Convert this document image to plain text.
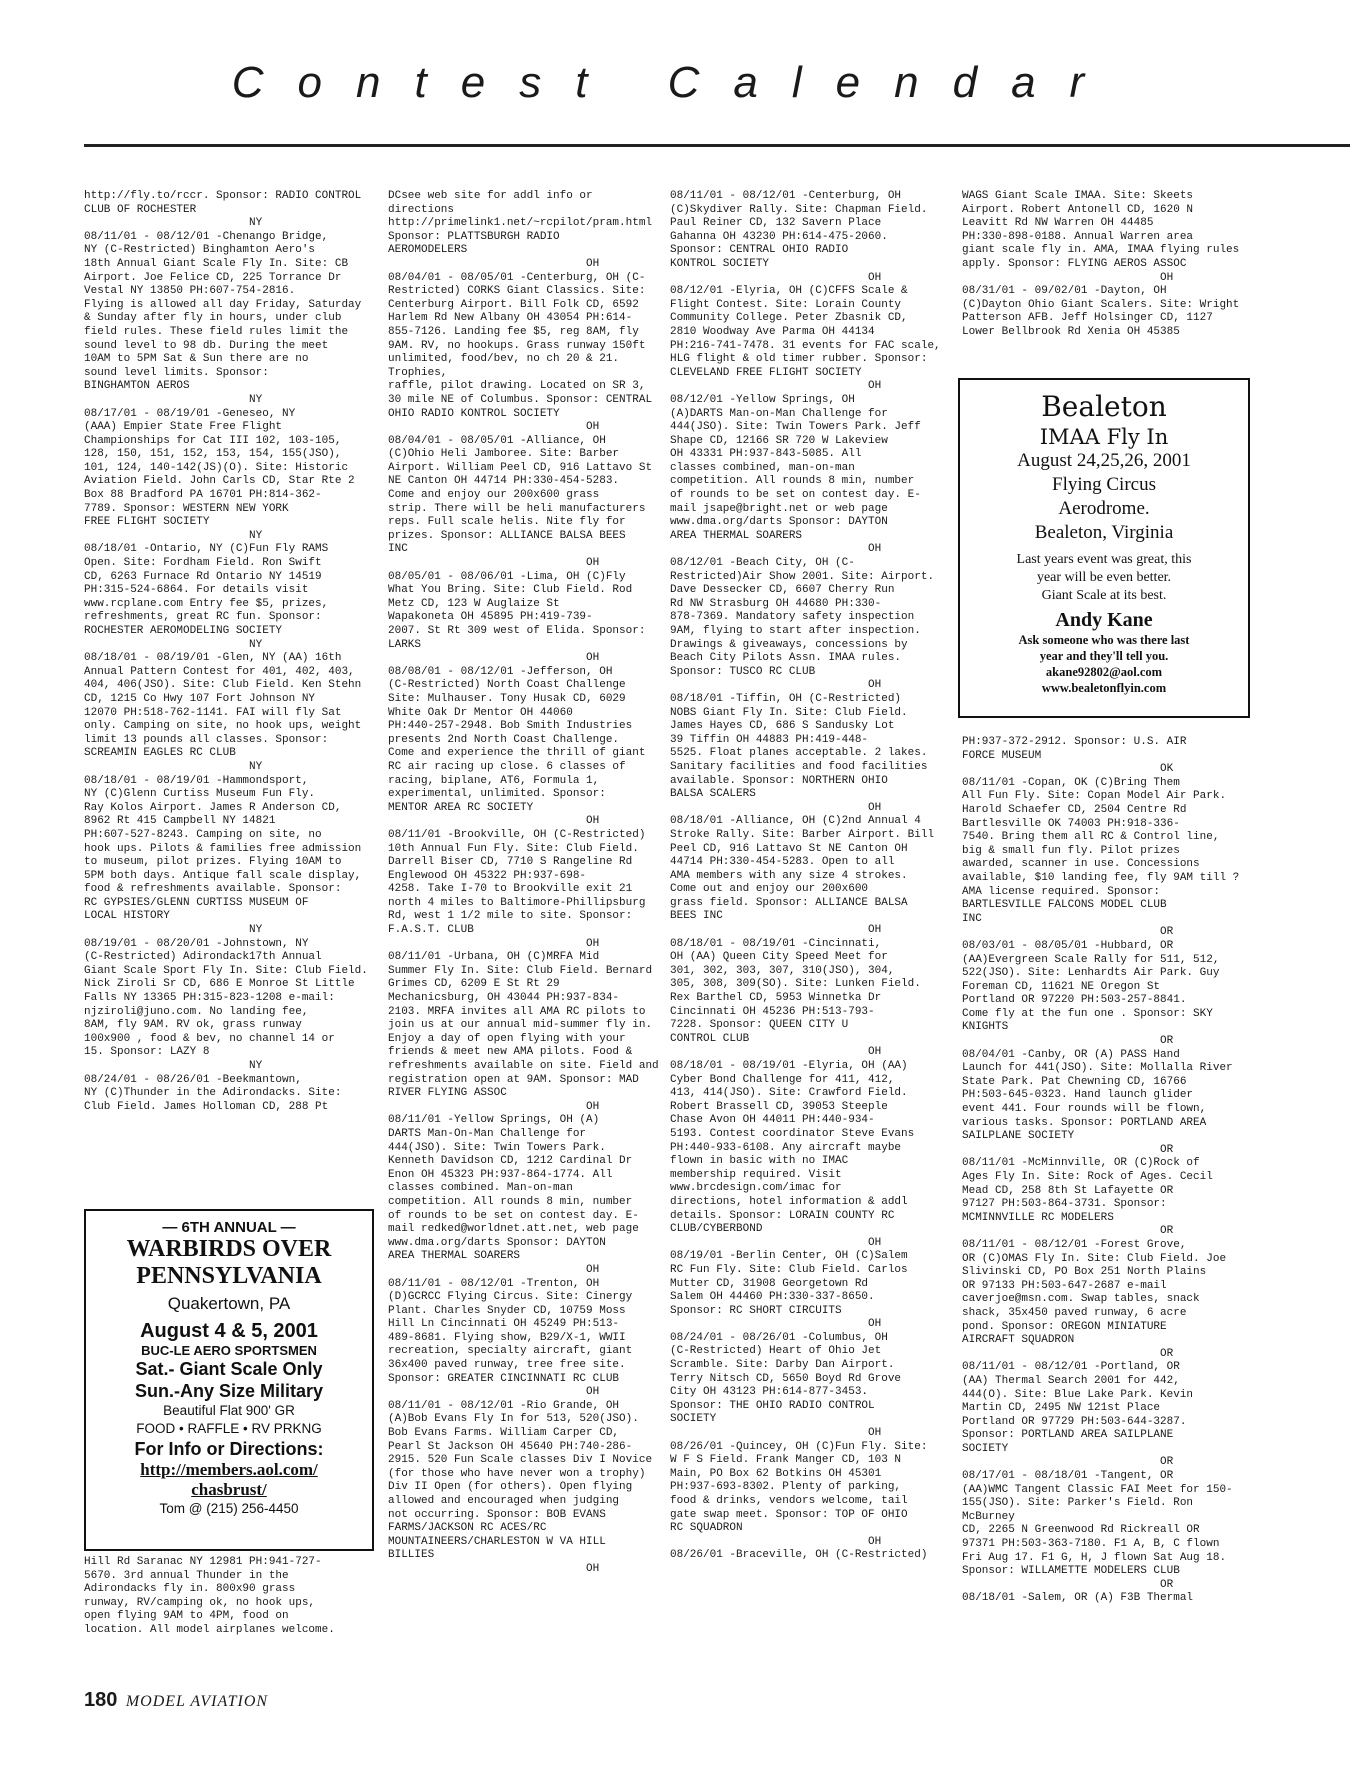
Contest Calendar
http://fly.to/rccr. Sponsor: RADIO CONTROL
CLUB OF ROCHESTER
NY
08/11/01 - 08/12/01 -Chenango Bridge,
NY (C-Restricted) Binghamton Aero's
18th Annual Giant Scale Fly In. Site: CB
Airport. Joe Felice CD, 225 Torrance Dr
Vestal NY 13850 PH:607-754-2816.
Flying is allowed all day Friday, Saturday
& Sunday after fly in hours, under club
field rules. These field rules limit the
sound level to 98 db. During the meet
10AM to 5PM Sat & Sun there are no
sound level limits. Sponsor:
BINGHAMTON AEROS
NY
08/17/01 - 08/19/01 -Geneseo, NY
(AAA) Empier State Free Flight
Championships for Cat III 102, 103-105,
128, 150, 151, 152, 153, 154, 155(JSO),
101, 124, 140-142(JS)(O). Site: Historic
Aviation Field. John Carls CD, Star Rte 2
Box 88 Bradford PA 16701 PH:814-362-
7789. Sponsor: WESTERN NEW YORK
FREE FLIGHT SOCIETY
NY
08/18/01 -Ontario, NY (C)Fun Fly RAMS
Open. Site: Fordham Field. Ron Swift
CD, 6263 Furnace Rd Ontario NY 14519
PH:315-524-6864. For details visit
www.rcplane.com Entry fee $5, prizes,
refreshments, great RC fun. Sponsor:
ROCHESTER AEROMODELING SOCIETY
NY
08/18/01 - 08/19/01 -Glen, NY (AA) 16th
Annual Pattern Contest for 401, 402, 403,
404, 406(JSO). Site: Club Field. Ken Stehn
CD, 1215 Co Hwy 107 Fort Johnson NY
12070 PH:518-762-1141. FAI will fly Sat
only. Camping on site, no hook ups, weight
limit 13 pounds all classes. Sponsor:
SCREAMIN EAGLES RC CLUB
NY
08/18/01 - 08/19/01 -Hammondsport,
NY (C)Glenn Curtiss Museum Fun Fly.
Ray Kolos Airport. James R Anderson CD,
8962 Rt 415 Campbell NY 14821
PH:607-527-8243. Camping on site, no
hook ups. Pilots & families free admission
to museum, pilot prizes. Flying 10AM to
5PM both days. Antique fall scale display,
food & refreshments available. Sponsor:
RC GYPSIES/GLENN CURTISS MUSEUM OF
LOCAL HISTORY
NY
08/19/01 - 08/20/01 -Johnstown, NY
(C-Restricted) Adirondack17th Annual
Giant Scale Sport Fly In. Site: Club Field.
Nick Ziroli Sr CD, 686 E Monroe St Little
Falls NY 13365 PH:315-823-1208 e-mail:
njziroli@juno.com. No landing fee,
8AM, fly 9AM. RV ok, grass runway
100x900 , food & bev, no channel 14 or
15. Sponsor: LAZY 8
NY
08/24/01 - 08/26/01 -Beekmantown,
NY (C)Thunder in the Adirondacks. Site:
Club Field. James Holloman CD, 288 Pt
— 6TH ANNUAL —
WARBIRDS OVER
PENNSYLVANIA
Quakertown, PA
August 4 & 5, 2001
BUC-LE AERO SPORTSMEN
Sat.- Giant Scale Only
Sun.-Any Size Military
Beautiful Flat 900' GR
FOOD • RAFFLE • RV PRKNG
For Info or Directions:
http://members.aol.com/
chasbrust/
Tom @ (215) 256-4450
Hill Rd Saranac NY 12981 PH:941-727-
5670. 3rd annual Thunder in the
Adirondacks fly in. 800x90 grass
runway, RV/camping ok, no hook ups,
open flying 9AM to 4PM, food on
location. All model airplanes welcome.
DCsee web site for addl info or
directions
http://primelink1.net/~rcpilot/pram.html
Sponsor: PLATTSBURGH RADIO
AEROMODELERS
OH
08/04/01 - 08/05/01 -Centerburg, OH (C-
Restricted) CORKS Giant Classics. Site:
Centerburg Airport. Bill Folk CD, 6592
Harlem Rd New Albany OH 43054 PH:614-
855-7126. Landing fee $5, reg 8AM, fly
9AM. RV, no hookups. Grass runway 150ft
unlimited, food/bev, no ch 20 & 21. Trophies,
raffle, pilot drawing. Located on SR 3,
30 mile NE of Columbus. Sponsor: CENTRAL
OHIO RADIO KONTROL SOCIETY
OH
08/04/01 - 08/05/01 -Alliance, OH
(C)Ohio Heli Jamboree. Site: Barber
Airport. William Peel CD, 916 Lattavo St
NE Canton OH 44714 PH:330-454-5283.
Come and enjoy our 200x600 grass
strip. There will be heli manufacturers
reps. Full scale helis. Nite fly for
prizes. Sponsor: ALLIANCE BALSA BEES
INC
OH
08/05/01 - 08/06/01 -Lima, OH (C)Fly
What You Bring. Site: Club Field. Rod
Metz CD, 123 W Auglaize St
Wapakoneta OH 45895 PH:419-739-
2007. St Rt 309 west of Elida. Sponsor:
LARKS
OH
08/08/01 - 08/12/01 -Jefferson, OH
(C-Restricted) North Coast Challenge
Site: Mulhauser. Tony Husak CD, 6029
White Oak Dr Mentor OH 44060
PH:440-257-2948. Bob Smith Industries
presents 2nd North Coast Challenge.
Come and experience the thrill of giant
RC air racing up close. 6 classes of
racing, biplane, AT6, Formula 1,
experimental, unlimited. Sponsor:
MENTOR AREA RC SOCIETY
OH
08/11/01 -Brookville, OH (C-Restricted)
10th Annual Fun Fly. Site: Club Field.
Darrell Biser CD, 7710 S Rangeline Rd
Englewood OH 45322 PH:937-698-
4258. Take I-70 to Brookville exit 21
north 4 miles to Baltimore-Phillipsburg
Rd, west 1 1/2 mile to site. Sponsor:
F.A.S.T. CLUB
OH
08/11/01 -Urbana, OH (C)MRFA Mid
Summer Fly In. Site: Club Field. Bernard
Grimes CD, 6209 E St Rt 29
Mechanicsburg, OH 43044 PH:937-834-
2103. MRFA invites all AMA RC pilots to
join us at our annual mid-summer fly in.
Enjoy a day of open flying with your
friends & meet new AMA pilots. Food &
refreshments available on site. Field and
registration open at 9AM. Sponsor: MAD
RIVER FLYING ASSOC
OH
08/11/01 -Yellow Springs, OH (A)
DARTS Man-On-Man Challenge for
444(JSO). Site: Twin Towers Park.
Kenneth Davidson CD, 1212 Cardinal Dr
Enon OH 45323 PH:937-864-1774. All
classes combined. Man-on-man
competition. All rounds 8 min, number
of rounds to be set on contest day. E-
mail redked@worldnet.att.net, web page
www.dma.org/darts Sponsor: DAYTON
AREA THERMAL SOARERS
OH
08/11/01 - 08/12/01 -Trenton, OH
(D)GCRCC Flying Circus. Site: Cinergy
Plant. Charles Snyder CD, 10759 Moss
Hill Ln Cincinnati OH 45249 PH:513-
489-8681. Flying show, B29/X-1, WWII
recreation, specialty aircraft, giant
36x400 paved runway, tree free site.
Sponsor: GREATER CINCINNATI RC CLUB
OH
08/11/01 - 08/12/01 -Rio Grande, OH
(A)Bob Evans Fly In for 513, 520(JSO).
Bob Evans Farms. William Carper CD,
Pearl St Jackson OH 45640 PH:740-286-
2915. 520 Fun Scale classes Div I Novice
(for those who have never won a trophy)
Div II Open (for others). Open flying
allowed and encouraged when judging
not occurring. Sponsor: BOB EVANS
FARMS/JACKSON RC ACES/RC
MOUNTAINEERS/CHARLESTON W VA HILL
BILLIES
OH
08/11/01 - 08/12/01 -Centerburg, OH
(C)Skydiver Rally. Site: Chapman Field.
Paul Reiner CD, 132 Savern Place
Gahanna OH 43230 PH:614-475-2060.
Sponsor: CENTRAL OHIO RADIO
KONTROL SOCIETY
OH
08/12/01 -Elyria, OH (C)CFFS Scale &
Flight Contest. Site: Lorain County
Community College. Peter Zbasnik CD,
2810 Woodway Ave Parma OH 44134
PH:216-741-7478. 31 events for FAC scale,
HLG flight & old timer rubber. Sponsor:
CLEVELAND FREE FLIGHT SOCIETY
OH
08/12/01 -Yellow Springs, OH
(A)DARTS Man-on-Man Challenge for
444(JSO). Site: Twin Towers Park. Jeff
Shape CD, 12166 SR 720 W Lakeview
OH 43331 PH:937-843-5085. All
classes combined, man-on-man
competition. All rounds 8 min, number
of rounds to be set on contest day. E-
mail jsape@bright.net or web page
www.dma.org/darts Sponsor: DAYTON
AREA THERMAL SOARERS
OH
08/12/01 -Beach City, OH (C-
Restricted)Air Show 2001. Site: Airport.
Dave Dessecker CD, 6607 Cherry Run
Rd NW Strasburg OH 44680 PH:330-
878-7369. Mandatory safety inspection
9AM, flying to start after inspection.
Drawings & giveaways, concessions by
Beach City Pilots Assn. IMAA rules.
Sponsor: TUSCO RC CLUB
OH
08/18/01 -Tiffin, OH (C-Restricted)
NOBS Giant Fly In. Site: Club Field.
James Hayes CD, 686 S Sandusky Lot
39 Tiffin OH 44883 PH:419-448-
5525. Float planes acceptable. 2 lakes.
Sanitary facilities and food facilities
available. Sponsor: NORTHERN OHIO
BALSA SCALERS
OH
08/18/01 -Alliance, OH (C)2nd Annual 4
Stroke Rally. Site: Barber Airport. Bill
Peel CD, 916 Lattavo St NE Canton OH
44714 PH:330-454-5283. Open to all
AMA members with any size 4 strokes.
Come out and enjoy our 200x600
grass field. Sponsor: ALLIANCE BALSA
BEES INC
OH
08/18/01 - 08/19/01 -Cincinnati,
OH (AA) Queen City Speed Meet for
301, 302, 303, 307, 310(JSO), 304,
305, 308, 309(SO). Site: Lunken Field.
Rex Barthel CD, 5953 Winnetka Dr
Cincinnati OH 45236 PH:513-793-
7228. Sponsor: QUEEN CITY U
CONTROL CLUB
OH
08/18/01 - 08/19/01 -Elyria, OH (AA)
Cyber Bond Challenge for 411, 412,
413, 414(JSO). Site: Crawford Field.
Robert Brassell CD, 39053 Steeple
Chase Avon OH 44011 PH:440-934-
5193. Contest coordinator Steve Evans
PH:440-933-6108. Any aircraft maybe
flown in basic with no IMAC
membership required. Visit
www.brcdesign.com/imac for
directions, hotel information & addl
details. Sponsor: LORAIN COUNTY RC
CLUB/CYBERBOND
OH
08/19/01 -Berlin Center, OH (C)Salem
RC Fun Fly. Site: Club Field. Carlos
Mutter CD, 31908 Georgetown Rd
Salem OH 44460 PH:330-337-8650.
Sponsor: RC SHORT CIRCUITS
OH
08/24/01 - 08/26/01 -Columbus, OH
(C-Restricted) Heart of Ohio Jet
Scramble. Site: Darby Dan Airport.
Terry Nitsch CD, 5650 Boyd Rd Grove
City OH 43123 PH:614-877-3453.
Sponsor: THE OHIO RADIO CONTROL
SOCIETY
OH
08/26/01 -Quincey, OH (C)Fun Fly. Site:
W F S Field. Frank Manger CD, 103 N
Main, PO Box 62 Botkins OH 45301
PH:937-693-8302. Plenty of parking,
food & drinks, vendors welcome, tail
gate swap meet. Sponsor: TOP OF OHIO
RC SQUADRON
OH
08/26/01 -Braceville, OH (C-Restricted)
WAGS Giant Scale IMAA. Site: Skeets
Airport. Robert Antonell CD, 1620 N
Leavitt Rd NW Warren OH 44485
PH:330-898-0188. Annual Warren area
giant scale fly in. AMA, IMAA flying rules
apply. Sponsor: FLYING AEROS ASSOC
OH
08/31/01 - 09/02/01 -Dayton, OH
(C)Dayton Ohio Giant Scalers. Site: Wright
Patterson AFB. Jeff Holsinger CD, 1127
Lower Bellbrook Rd Xenia OH 45385
Bealeton
IMAA Fly In
August 24,25,26, 2001
Flying Circus
Aerodrome.
Bealeton, Virginia
Last years event was great, this
year will be even better.
Giant Scale at its best.
Andy Kane
Ask someone who was there last
year and they'll tell you.
akane92802@aol.com
www.bealetonflyin.com
PH:937-372-2912. Sponsor: U.S. AIR
FORCE MUSEUM
OK
08/11/01 -Copan, OK (C)Bring Them
All Fun Fly. Site: Copan Model Air Park.
Harold Schaefer CD, 2504 Centre Rd
Bartlesville OK 74003 PH:918-336-
7540. Bring them all RC & Control line,
big & small fun fly. Pilot prizes
awarded, scanner in use. Concessions
available, $10 landing fee, fly 9AM till ?
AMA license required. Sponsor:
BARTLESVILLE FALCONS MODEL CLUB
INC
OR
08/03/01 - 08/05/01 -Hubbard, OR
(AA)Evergreen Scale Rally for 511, 512,
522(JSO). Site: Lenhardts Air Park. Guy
Foreman CD, 11621 NE Oregon St
Portland OR 97220 PH:503-257-8841.
Come fly at the fun one . Sponsor: SKY
KNIGHTS
OR
08/04/01 -Canby, OR (A) PASS Hand
Launch for 441(JSO). Site: Mollalla River
State Park. Pat Chewning CD, 16766
PH:503-645-0323. Hand launch glider
event 441. Four rounds will be flown,
various tasks. Sponsor: PORTLAND AREA
SAILPLANE SOCIETY
OR
08/11/01 -McMinnville, OR (C)Rock of
Ages Fly In. Site: Rock of Ages. Cecil
Mead CD, 258 8th St Lafayette OR
97127 PH:503-864-3731. Sponsor:
MCMINNVILLE RC MODELERS
OR
08/11/01 - 08/12/01 -Forest Grove,
OR (C)OMAS Fly In. Site: Club Field. Joe
Slivinski CD, PO Box 251 North Plains
OR 97133 PH:503-647-2687 e-mail
caverjoe@msn.com. Swap tables, snack
shack, 35x450 paved runway, 6 acre
pond. Sponsor: OREGON MINIATURE
AIRCRAFT SQUADRON
OR
08/11/01 - 08/12/01 -Portland, OR
(AA) Thermal Search 2001 for 442,
444(O). Site: Blue Lake Park. Kevin
Martin CD, 2495 NW 121st Place
Portland OR 97729 PH:503-644-3287.
Sponsor: PORTLAND AREA SAILPLANE
SOCIETY
OR
08/17/01 - 08/18/01 -Tangent, OR
(AA)WMC Tangent Classic FAI Meet for 150-
155(JSO). Site: Parker's Field. Ron McBurney
CD, 2265 N Greenwood Rd Rickreall OR
97371 PH:503-363-7180. F1 A, B, C flown
Fri Aug 17. F1 G, H, J flown Sat Aug 18.
Sponsor: WILLAMETTE MODELERS CLUB
OR
08/18/01 -Salem, OR (A) F3B Thermal
180 MODEL AVIATION
